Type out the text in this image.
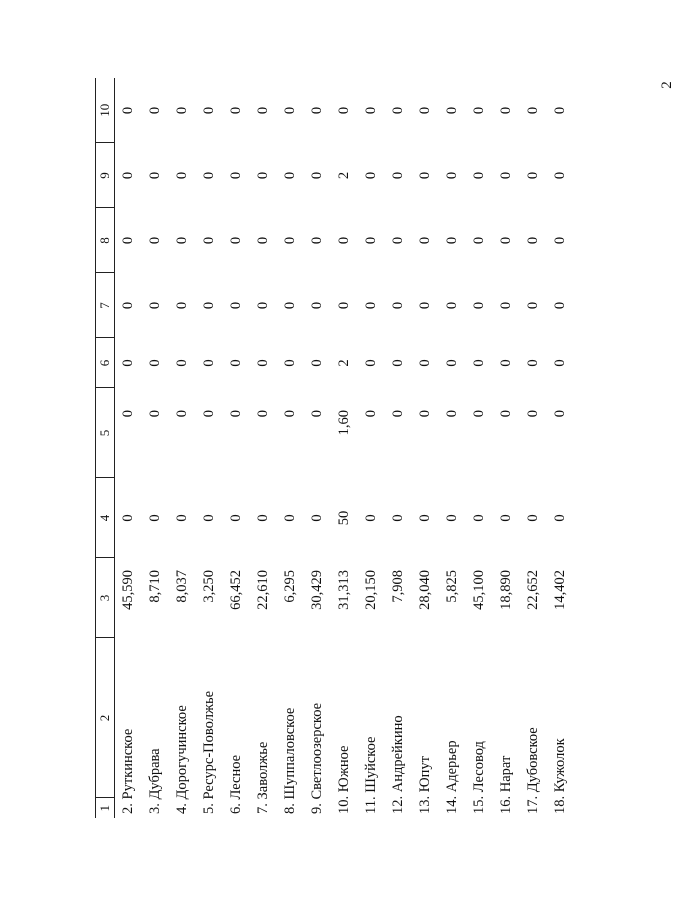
2
1	2	3	4	5	6	7	8	9	10
2. Руткинское		45,590	0	0	0	0	0	0	0
3. Дубрава		8,710	0	0	0	0	0	0	0
4. Дорогучинское		8,037	0	0	0	0	0	0	0
5. Ресурс-Поволжье		3,250	0	0	0	0	0	0	0
6. Лесное		66,452	0	0	0	0	0	0	0
7. Заволжье		22,610	0	0	0	0	0	0	0
8. Шуппаловское		6,295	0	0	0	0	0	0	0
9. Светлоозерское		30,429	0	0	0	0	0	0	0
10. Южное		31,313	50	1,60	2	0	0	2	0
11. Шуйское		20,150	0	0	0	0	0	0	0
12. Андрейкино		7,908	0	0	0	0	0	0	0
13. Юпут		28,040	0	0	0	0	0	0	0
14. Адерьер		5,825	0	0	0	0	0	0	0
15. Лесовод		45,100	0	0	0	0	0	0	0
16. Нарат		18,890	0	0	0	0	0	0	0
17. Дубовское		22,652	0	0	0	0	0	0	0
18. Кужолок		14,402	0	0	0	0	0	0	0
